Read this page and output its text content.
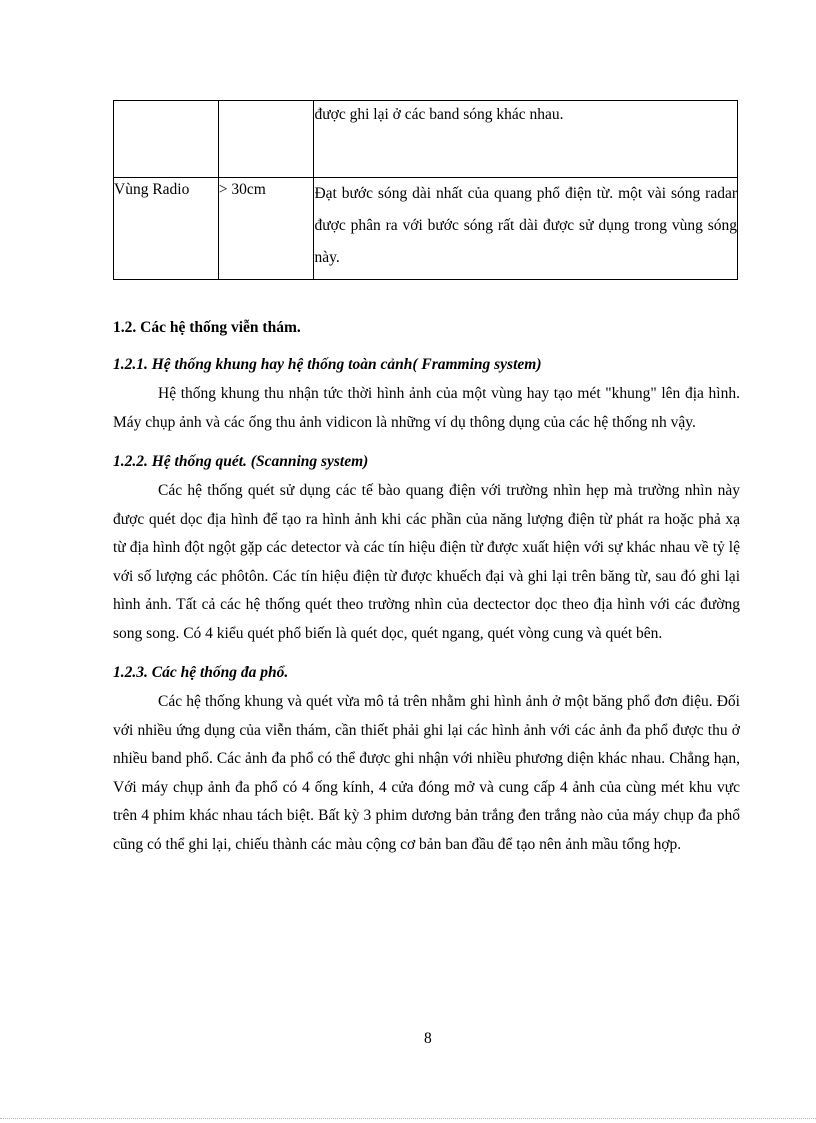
		được ghi lại ở các band sóng khác nhau.
Vùng Radio	> 30cm	Đạt bước sóng dài nhất của quang phổ điện từ. một vài sóng radar được phân ra với bước sóng rất dài được sử dụng trong vùng sóng này.

1.2. Các hệ thống viễn thám.

1.2.1. Hệ thống khung hay hệ thống toàn cảnh( Framming system)

Hệ thống khung thu nhận tức thời hình ảnh của một vùng hay tạo mét "khung" lên địa hình. Máy chụp ảnh và các ống thu ảnh vidicon là những ví dụ thông dụng của các hệ thống nh vậy.

1.2.2. Hệ thống quét. (Scanning system)

Các hệ thống quét sử dụng các tế bào quang điện với trường nhìn hẹp mà trường nhìn này được quét dọc địa hình để tạo ra hình ảnh khi các phần của năng lượng điện từ phát ra hoặc phả xạ từ địa hình đột ngột gặp các detector và các tín hiệu điện từ được xuất hiện với sự khác nhau về tỷ lệ với số lượng các phôtôn. Các tín hiệu điện từ được khuếch đại và ghi lại trên băng từ, sau đó ghi lại hình ảnh. Tất cả các hệ thống quét theo trường nhìn của dectector dọc theo địa hình với các đường song song. Có 4 kiểu quét phổ biến là quét dọc, quét ngang, quét vòng cung và quét bên.

1.2.3. Các hệ thống đa phổ.

Các hệ thống khung và quét vừa mô tả trên nhằm ghi hình ảnh ở một băng phổ đơn điệu. Đối với nhiều ứng dụng của viễn thám, cần thiết phải ghi lại các hình ảnh với các ảnh đa phổ được thu ở nhiều band phổ. Các ảnh đa phổ có thể được ghi nhận với nhiều phương diện khác nhau. Chẳng hạn, Với máy chụp ảnh đa phổ có 4 ống kính, 4 cửa đóng mở và cung cấp 4 ảnh của cùng mét khu vực trên 4 phim khác nhau tách biệt. Bất kỳ 3 phim dương bản trắng đen trắng nào của máy chụp đa phổ cũng có thể ghi lại, chiếu thành các màu cộng cơ bản ban đầu để tạo nên ảnh mầu tổng hợp.

8
